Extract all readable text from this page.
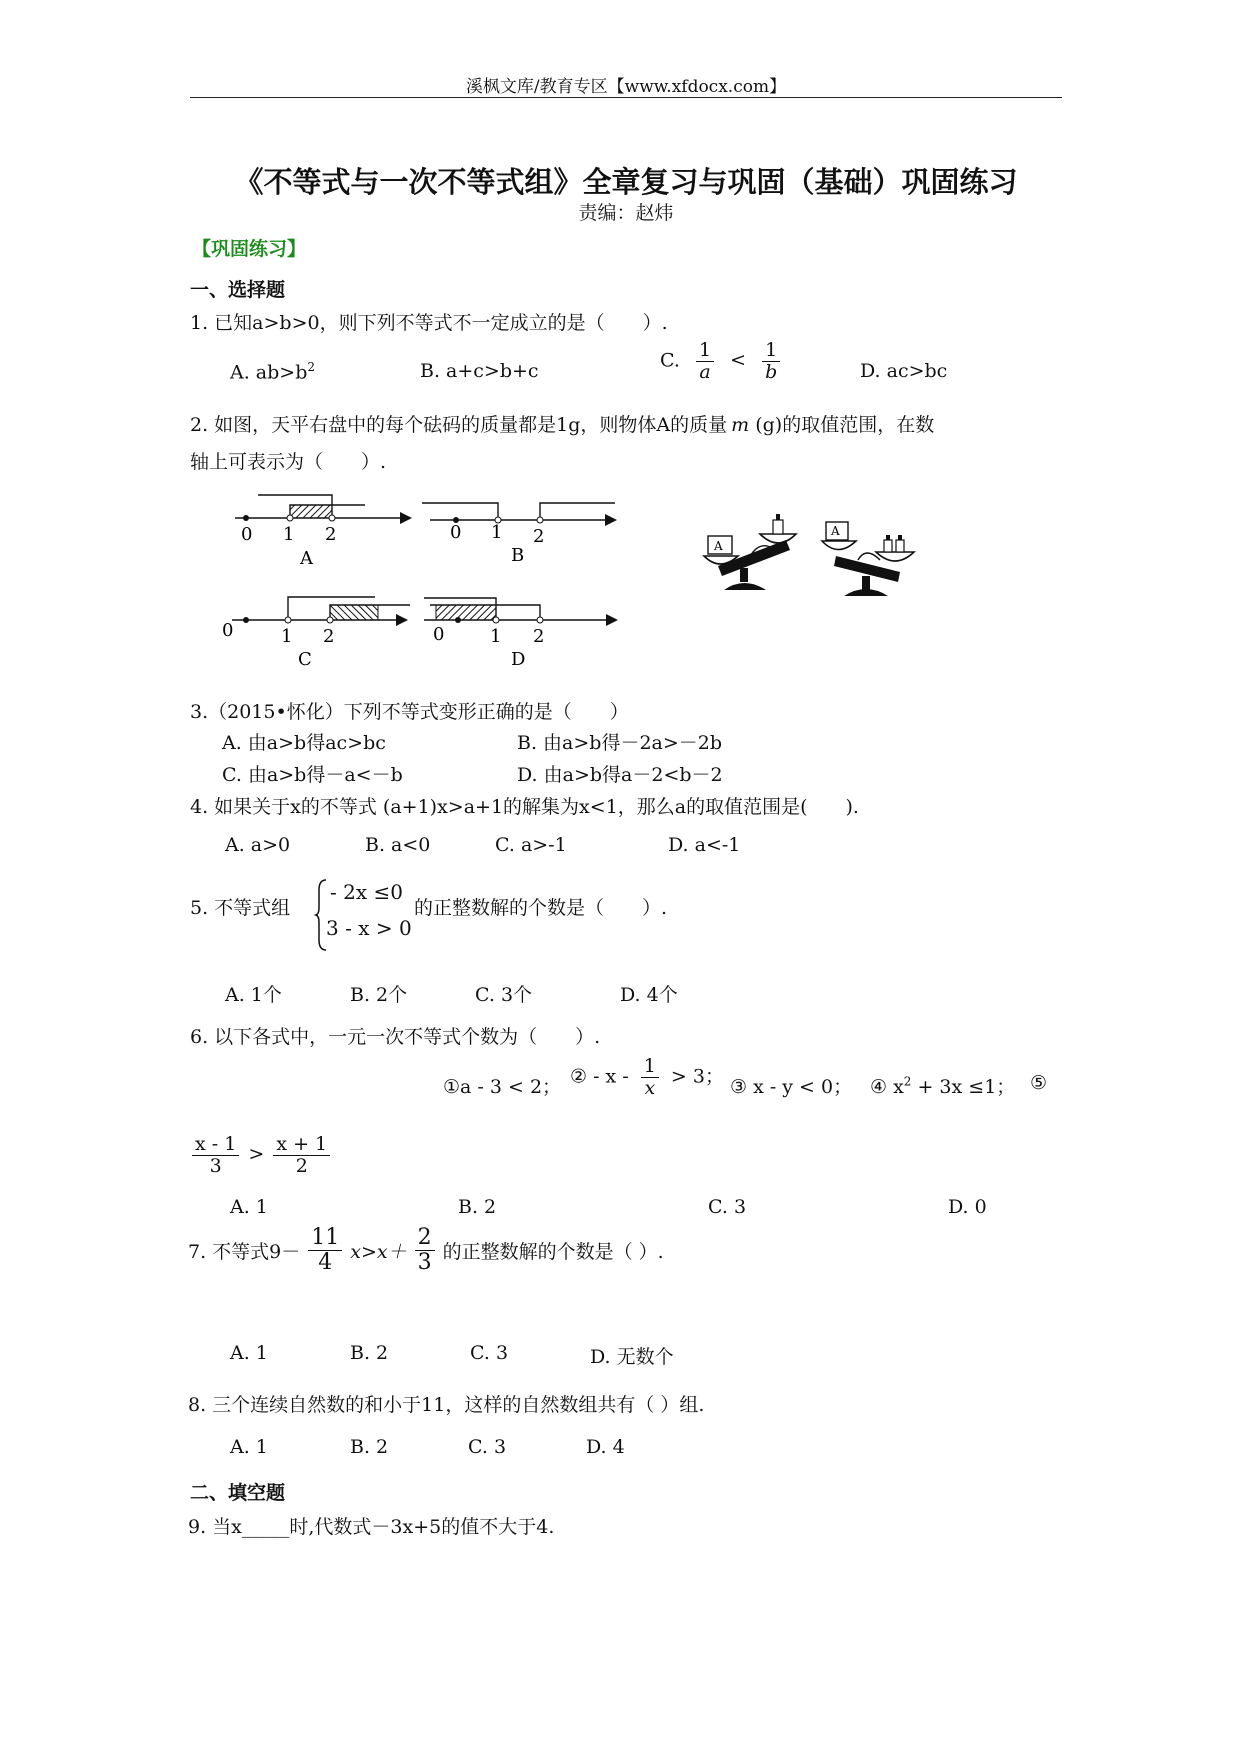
溪枫文库/教育专区【www.xfdocx.com】
《不等式与一次不等式组》全章复习与巩固（基础）巩固练习
责编：赵炜
【巩固练习】
一、选择题
1. 已知a>b>0，则下列不等式不一定成立的是（　　）.
A. $ab>b^2$	B. a+c>b+c	C. $\frac{1}{a} < \frac{1}{b}$	D. ac>bc
2. 如图，天平右盘中的每个砝码的质量都是1g，则物体A的质量 m (g)的取值范围，在数
轴上可表示为（　　）.
0 1 2
A
0 1 2
B
0	1 2
C
0	1 2
D
A
A
3.（2015•怀化）下列不等式变形正确的是（　　）
A. 由a>b得ac>bc	B. 由a>b得－2a>－2b
C. 由a>b得－a<－b	D. 由a>b得a－2<b－2
4. 如果关于x的不等式 (a+1)x>a+1的解集为x<1，那么a的取值范围是(　　).
A. a>0	B. a<0	C. a>-1	D. a<-1
5. 不等式组
- 2x ≤0
3 - x > 0
的正整数解的个数是（　　）.
A. 1个	B. 2个	C. 3个	D. 4个
6. 以下各式中，一元一次不等式个数为（　　）.
①a - 3 < 2； ② - $x - \frac{1}{x} > 3$； ③ x - y < 0； ④ $x^2 + 3x \le 1$； ⑤
$\frac{x - 1}{3} > \frac{x + 1}{2}$
A. 1	B. 2	C. 3	D. 0
7. 不等式$9- \frac{11}{4} x>x+ \frac{2}{3}$ 的正整数解的个数是（ ）.
A. 1	B. 2	C. 3	D. 无数个
8. 三个连续自然数的和小于11，这样的自然数组共有（ ）组.
A. 1	B. 2	C. 3	D. 4
二、填空题
9. 当x_____时,代数式－3x+5的值不大于4.
